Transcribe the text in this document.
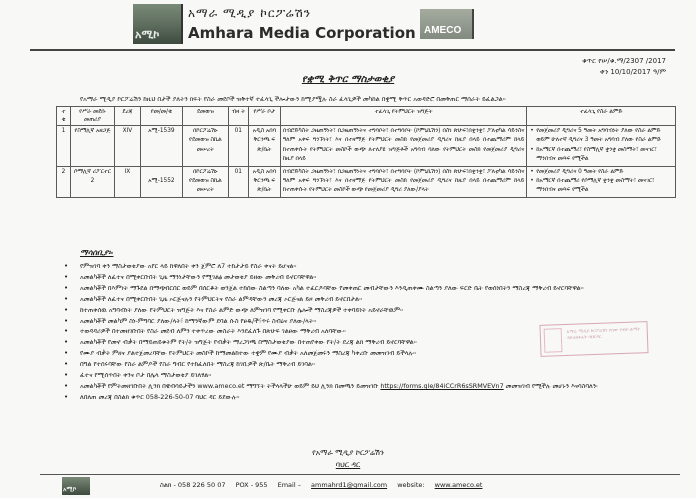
አሚኮ
አማራ ሚዲያ ኮርፖሬሽን
Amhara Media Corporation AMECO
ቁጥር የሠ/ቁ.ማ/2307 /2017
ቀን 10/10/2017 ዓ/ም
የቋሚ ቅጥር ማስታወቂያ
የአማራ ሚዲያ ኮርፖሬሽን ከዚህ በታች ያለትን ክፍት የስራ መደቦች ዝቅተኛ ተፈላጊ ችሎታውን ከሚያሟሉ ስራ ፈላጊዎች መካከል በቋሚ ቅጥር አወዳድሮ በመቅጠር ማሰራት ይፈልጋል፡፡
ተ ቁ	የሥራ መደቡ መጠሪያ	ደረጃ	የመ/መ/ቁ	ደመወዝ	ብዛ ት	የሥራ ቦታ	ተፈላጊ የትምህርት ዝግጅት	ተፈላጊ የስራ ልምድ
1	የስማሊኛ አዘጋጅ	XIV	አሚ-1539	በኮርፖሬሽኑ የደመወዝ ስኬል መሠረት	01	አዲስ አበባ ቅርንጫ ፍ ጽ/ቤት	በብሮድካስት ጋዜጠኝነት፣ በጋዜጠኝነትና ተግባቦት፣ በተግባቦት (ኮምኒኬሽን) በስነ ጽሁፍ፣በቋንቋ፣ ፖለቲካል ሳይንስና ዓለም አቀፍ ግንኙነት፣ እና በተዛማጅ የትምህርት መስክ የመጀመሪያ ዲግሪና ከዚያ በላይ በተጨማሪም ከላይ ከተጠቀሱት የትምህርት መስኮች ውጭ ለተለያዩ ዝግጅቶች አግባብ ባለው የትምህርት መስክ የመጀመሪያ ዲግሪና ከዚያ በላይ	• የመጀመሪያ ዲግሪና 5 ዓመት አግባብነት ያለው የስራ ልምድ ወይም ሁለተኛ ዲግሪና 3 ዓመት አግባብ ያለው የስራ ልምድ
• ከአማርኛ በተጨማሪ፣ የስማሊኛ ቋንቋ መስማት፣ መናገር፣ ማንበብና መጻፍ የሚችል

2	ሶማሊኛ ሪፖርተር 2	IX	አሚ-1552	በኮርፖሬሽኑ የደመወዝ ስኬል መሠረት	01	አዲስ አበባ ቅርንጫ ፍ ጽ/ቤት	በብሮድካስት ጋዜጠኝነት፣ በጋዜጠኝነትና ተግባቦት፣ በተግባቦት (ኮምኒኬሽን) በስነ ጽሁፍ፣በቋንቋ፣ ፖለቲካል ሳይንስና ዓለም አቀፍ ግንኙነት፣ እና በተዛማጅ የትምህርት መስክ የመጀመሪያ ዲግሪና ከዚያ በላይ በተጨማሪም ከላይ ከተጠቀሱት የትምህርት መስኮች ውጭ የመጀመሪያ ዲግሪ ያለው/ያላት	• የመጀመሪያ ዲግሪና 0 ዓመት የስራ ልምድ
• ከአማርኛ በተጨማሪ የሶማሊኛ ቋንቋ መስማት፣ መናገር፣ ማንበብና መጻፍ የሚችል
ማሳሰቢያ፡-
• የምዝገባ ቀን ማስታወቂያው አየር ላይ ከዋለበት ቀን ጀምሮ ለ7 ተከታታይ የስራ ቀናት ይሆናል፡፡
• አመልካቾች ለፈተና በሚቀርቡበት ጊዜ ማንነታቸውን የሚገልፅ መታወቂያ ይዘው መቅረብ ይኖርባቸዋል፡፡
• አመልካቾች በእምነት ማጉደል በማጭበርበር ወይም በሰርቆት ወንጀል ተከሰው ስልጣን ባለው አካል ተፈርዶባቸው የመቀጠር መብታቸውን እንዲጠቀሙ ስልጣን ያለው ፍርድ ቤት የወሰነበትን ማስረጃ ማቅረብ ይኖርባቸዋል፡፡
• አመልካቾች ለፈተና በሚቀርቡበት ጊዜ ኦርጅናሉን የትምህርትና የስራ ልምዳቸውን መረጃ ኦርጅናል ይዞ መቅረብ ይኖርበታል፡፡
• ከተጠቀሰዉ አግባብነት ያለው የትምህርት ዝግጅት እና የስራ ልምድ ውጭ ለምዝገባ የሚቀርቡ ሌሎች ማስረጃዎች ተቀባይነት አይኖራቸዉም፡፡
• አመልካቾች መልካም ስነ-ምግባር ያለው/ላት፣ ከማንኛውም ደባል ሱስ የፀዱ/ች፣ጥሩ ስብዕና ያለው/ላት፡፡
• ተወዳዳሪዎች በተመዘገቡበት የስራ መደብ ለምን ተቀጥረው መስራት እንደፈለጉ በጽሁፍ ገልፀው ማቅረብ አለባቸው፡፡
• አመልካቾች የመኖ ብቃት በማይጠይቁትም የት/ት ዝግጅት የብቃት ማረጋገጫ በማስታወቂያው በተጠየቀው የት/ት ደረጃ ልክ ማቅረብ ይኖርባቸዋል፡፡
• የሙያ ብቃት ምዘና ያልተጀመረባቸው የትምህርት መስኮች ከማመልከተው ተቋም የሙያ ብቃት አለመጀመሩን ማስረጃ ካቀረቡ መመዝገብ ይችላሉ፡፡
• በግል የተሰሩባቸው የስራ ልምዶች የስራ ግብር የተከፈለበት ማስረጃ ከገቢዎች ጽ/ቤት ማቅረብ ይገባል፡፡
• ፈተና የሚሰጥበት ቀንና ቦታ በሌላ ማስታወቂያ ይገለፃል፡፡
• አመልካቾች የምትመዘገቡበት ሊንክ በዌብሳይታችን www.ameco.et ማግኘት ትችላላችሁ ወይም ይህ ሊንክ በመጫን ይመዝገቡ https://forms.gle/84iCCrR6sSRMVEVn7 መመዝገብ የሚችሉ መሆኑን እናሳስባለን፡
• ለበለጠ መረጃ በስልክ ቁጥር 058-226-50-07 ባህር ዳር ይደውሉ፡፡
አማራ ሚዲያ ኮርፖሬሽን የሰው ሃብት ልማት ዳይሬክቶሬት ባህርዳር
የአማራ ሚዲያ ኮርፖሬሽን
ባህር ዳር
አሚኮ
ስልክ - 058 226 50 07 POX - 955 Email – ammahrd1@gmail.com website: www.ameco.et
